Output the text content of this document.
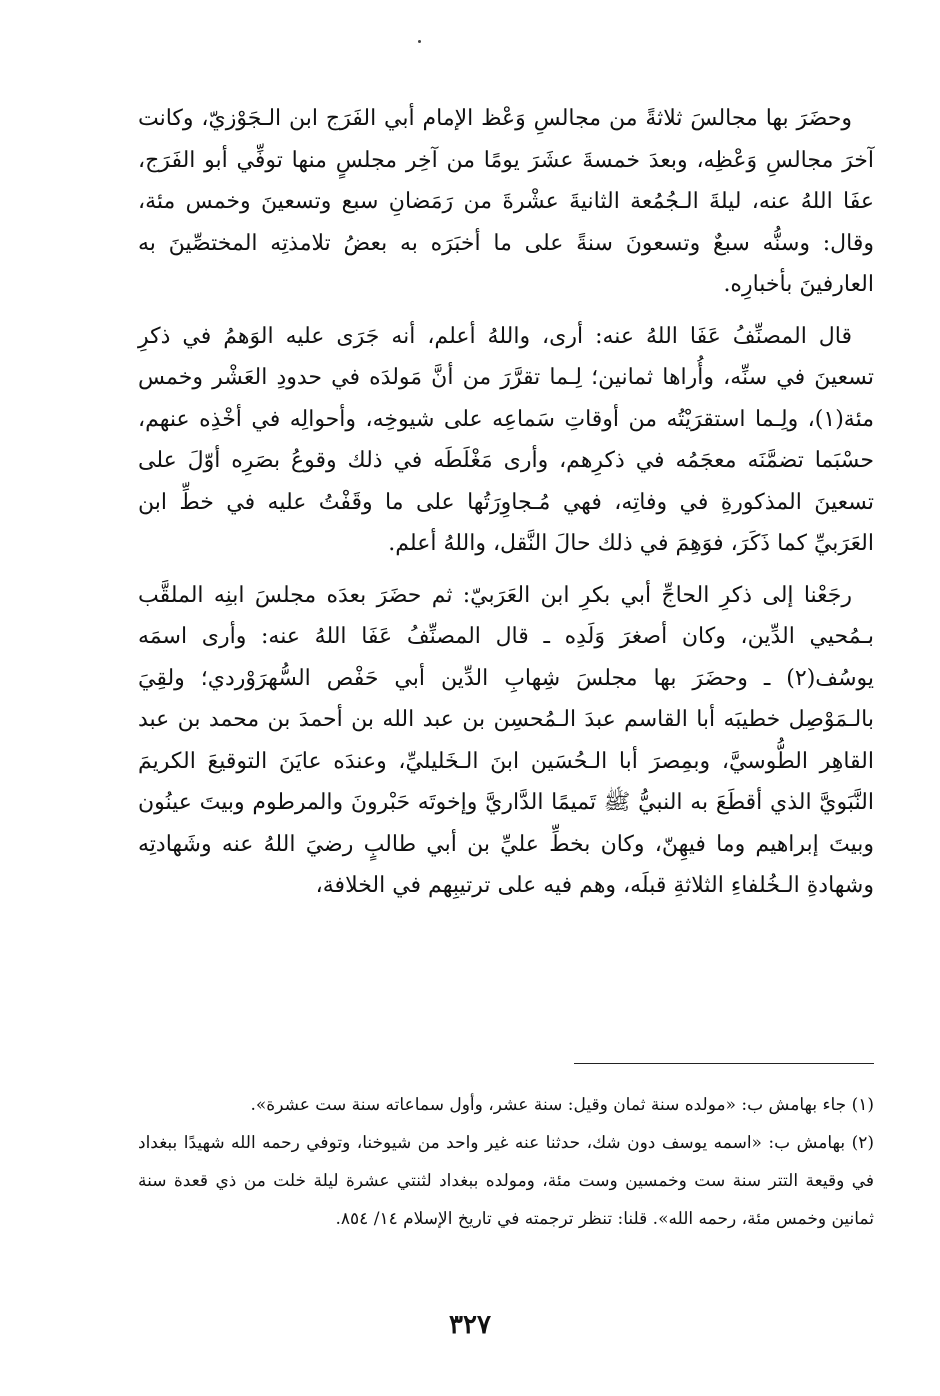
وحضَرَ بها مجالسَ ثلاثةً من مجالسِ وَعْظ الإمام أبي الفَرَج ابن الـجَوْزيّ، وكانت آخرَ مجالسِ وَعْظِه، وبعدَ خمسةَ عشَرَ يومًا من آخِر مجلسٍ منها توفِّي أبو الفَرَج، عفَا اللهُ عنه، ليلةَ الـجُمُعة الثانيةَ عشْرةَ من رَمَضانِ سبع وتسعينَ وخمس مئة، وقال: وسنُّه سبعٌ وتسعونَ سنةً على ما أخبَرَه به بعضُ تلامذتِه المختصِّينَ به العارفينَ بأخبارِه.

قال المصنِّفُ عَفَا اللهُ عنه: أرى، واللهُ أعلم، أنه جَرَى عليه الوَهمُ في ذكرِ تسعينَ في سنِّه، وأُراها ثمانين؛ لِـما تقرَّرَ من أنَّ مَولدَه في حدودِ العَشْر وخمس مئة(١)، ولِـما استقرَيْتُه من أوقاتِ سَماعِه على شيوخِه، وأحوالِه في أخْذِه عنهم، حسْبَما تضمَّنَه معجَمُه في ذكرِهم، وأرى مَغْلَطَه في ذلك وقوعُ بصَرِه أوّلَ على تسعينَ المذكورةِ في وفاتِه، فهي مُـجاوِرَتُها على ما وقَفْتُ عليه في خطِّ ابن العَرَبيِّ كما ذَكَرَ، فوَهِمَ في ذلك حالَ النَّقل، واللهُ أعلم.

رجَعْنا إلى ذكرِ الحاجِّ أبي بكرِ ابن العَرَبيّ: ثم حضَرَ بعدَه مجلسَ ابنِه الملقَّب بـمُحيي الدِّين، وكان أصغرَ وَلَدِه ـ قال المصنِّفُ عَفَا اللهُ عنه: وأرى اسمَه يوسُف(٢) ـ وحضَرَ بها مجلسَ شِهابِ الدِّين أبي حَفْص السُّهرَوْردي؛ ولقِيَ بالـمَوْصِل خطيبَه أبا القاسم عبدَ الـمُحسِن بن عبد الله بن أحمدَ بن محمد بن عبد القاهِر الطُّوسيَّ، وبمِصرَ أبا الـحُسَين ابنَ الـخَليليِّ، وعندَه عايَنَ التوقيعَ الكريمَ النَّبَويَّ الذي أقطَعَ به النبيُّ ﷺ تَميمًا الدَّاريَّ وإخوتَه حَبْرونَ والمرطوم وبيتَ عينُون وبيتَ إبراهيم وما فيهِنّ، وكان بخطِّ عليِّ بن أبي طالبٍ رضيَ اللهُ عنه وشَهادتِه وشهادةِ الـخُلفاءِ الثلاثةِ قبلَه، وهم فيه على ترتيبِهم في الخلافة،

(١) جاء بهامش ب: «مولده سنة ثمان وقيل: سنة عشر، وأول سماعاته سنة ست عشرة».

(٢) بهامش ب: «اسمه يوسف دون شك، حدثنا عنه غير واحد من شيوخنا، وتوفي رحمه الله شهيدًا ببغداد في وقيعة التتر سنة ست وخمسين وست مئة، ومولده ببغداد لثنتي عشرة ليلة خلت من ذي قعدة سنة ثمانين وخمس مئة، رحمه الله». قلنا: تنظر ترجمته في تاريخ الإسلام ١٤/ ٨٥٤.

٣٢٧
